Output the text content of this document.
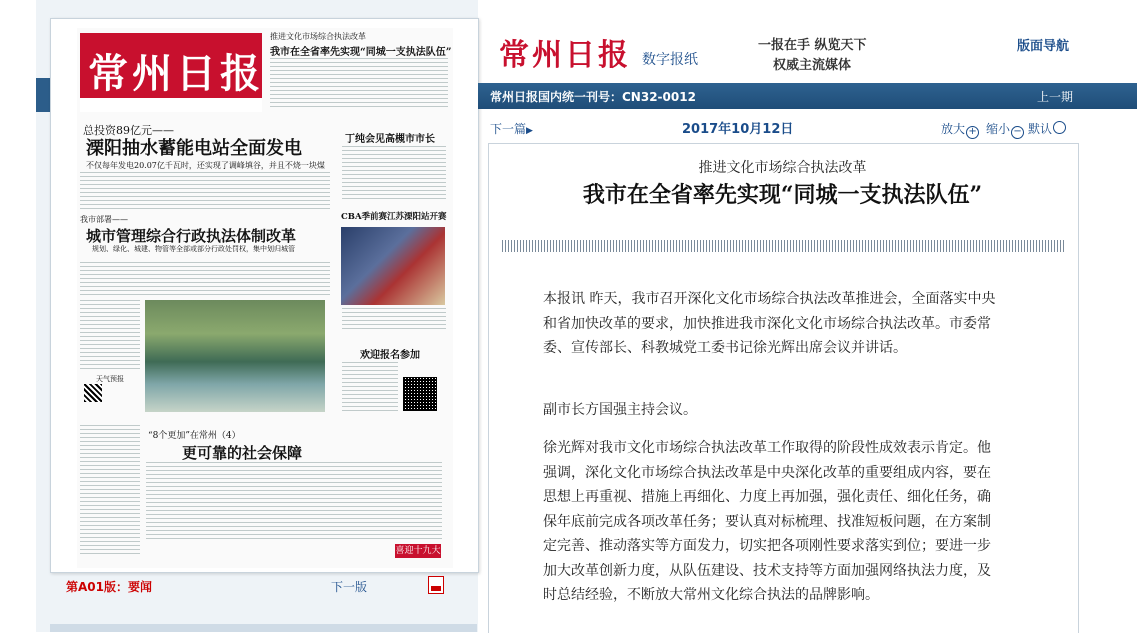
常州日报
推进文化市场综合执法改革
我市在全省率先实现“同城一支执法队伍”
总投资89亿元——
溧阳抽水蓄能电站全面发电
不仅每年发电20.07亿千瓦时，还实现了调峰填谷，并且不烧一块煤
丁纯会见高槻市市长
CBA季前赛江苏溧阳站开赛
我市部署——
城市管理综合行政执法体制改革
规划、绿化、城建、物管等全部或部分行政处罚权，集中划归城管
天气预报
欢迎报名参加
“8个更加”在常州（4）
更可靠的社会保障
喜迎十九大
第A01版：要闻	下一版
常州日报 数字报纸
一报在手 纵览天下
权威主流媒体
版面导航
常州日报国内统一刊号：CN32-0012	上一期
下一篇▶	2017年10月12日	放大 + 缩小 − 默认
推进文化市场综合执法改革
我市在全省率先实现“同城一支执法队伍”

本报讯 昨天，我市召开深化文化市场综合执法改革推进会，全面落实中央和省加快改革的要求，加快推进我市深化文化市场综合执法改革。市委常委、宣传部长、科教城党工委书记徐光辉出席会议并讲话。

副市长方国强主持会议。

徐光辉对我市文化市场综合执法改革工作取得的阶段性成效表示肯定。他强调，深化文化市场综合执法改革是中央深化改革的重要组成内容，要在思想上再重视、措施上再细化、力度上再加强，强化责任、细化任务，确保年底前完成各项改革任务；要认真对标梳理、找准短板问题，在方案制定完善、推动落实等方面发力，切实把各项刚性要求落实到位；要进一步加大改革创新力度，从队伍建设、技术支持等方面加强网络执法力度，及时总结经验，不断放大常州文化综合执法的品牌影响。
